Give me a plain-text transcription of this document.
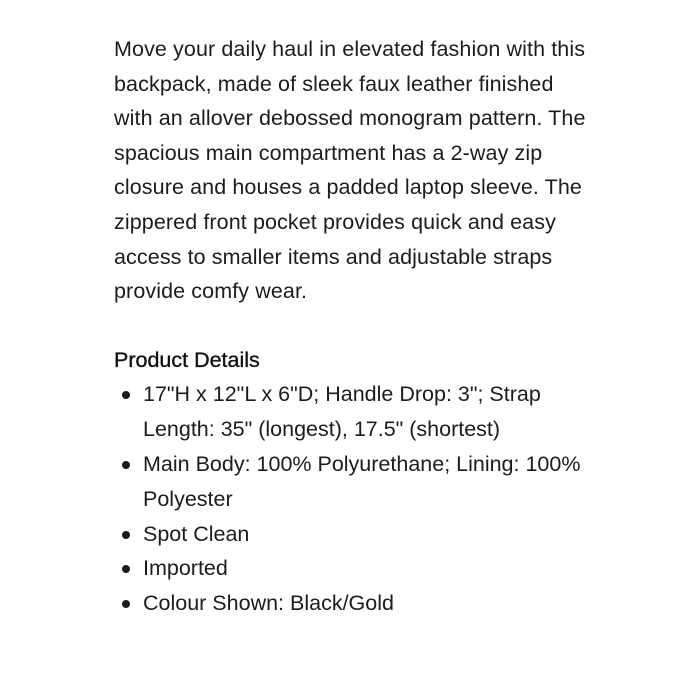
Move your daily haul in elevated fashion with this backpack, made of sleek faux leather finished with an allover debossed monogram pattern. The spacious main compartment has a 2-way zip closure and houses a padded laptop sleeve. The zippered front pocket provides quick and easy access to smaller items and adjustable straps provide comfy wear.

Product Details
17"H x 12"L x 6"D; Handle Drop: 3"; Strap Length: 35" (longest), 17.5" (shortest)
Main Body: 100% Polyurethane; Lining: 100% Polyester
Spot Clean
Imported
Colour Shown: Black/Gold
